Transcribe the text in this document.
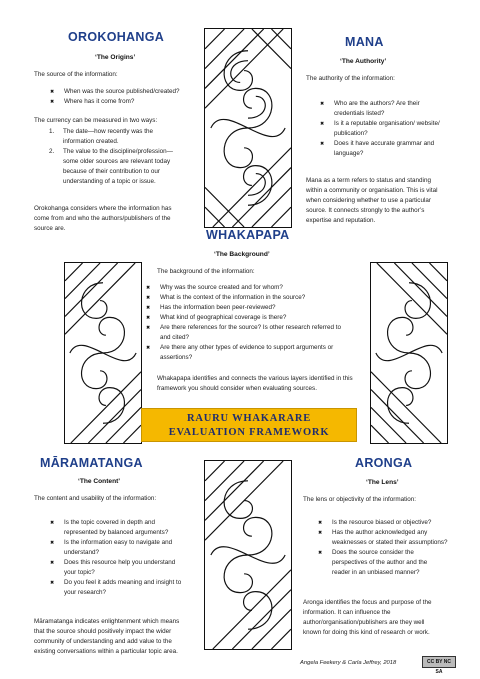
OROKOHANGA
‘The Origins’
The source of the information:
✖ When was the source published/created?
✖ Where has it come from?
The currency can be measured in two ways:
1. The date—how recently was the
information created.
2. The value to the discipline/profession—
some older sources are relevant today
because of their contribution to our
understanding of a topic or issue.
Orokohanga considers where the information has
come from and who the authors/publishers of the
source are.
MANA
‘The Authority’
The authority of the information:
✖ Who are the authors? Are their
credentials listed?
✖ Is it a reputable organisation/ website/
publication?
✖ Does it have accurate grammar and
language?
Mana as a term refers to status and standing
within a community or organisation. This is vital
when considering whether to use a particular
source. It connects strongly to the author’s
expertise and reputation.
WHAKAPAPA
‘The Background’
The background of the information:
✖ Why was the source created and for whom?
✖ What is the context of the information in the source?
✖ Has the information been peer-reviewed?
✖ What kind of geographical coverage is there?
✖ Are there references for the source? Is other research referred to
and cited?
✖ Are there any other types of evidence to support arguments or
assertions?
Whakapapa identifies and connects the various layers identified in this
framework you should consider when evaluating sources.
RAURU WHAKARARE
EVALUATION FRAMEWORK
MĀRAMATANGA
‘The Content’
The content and usability of the information:
✖ Is the topic covered in depth and
represented by balanced arguments?
✖ Is the information easy to navigate and
understand?
✖ Does this resource help you understand
your topic?
✖ Do you feel it adds meaning and insight to
your research?
Māramatanga indicates enlightenment which means
that the source should positively impact the wider
community of understanding and add value to the
existing conversations within a particular topic area.
ARONGA
‘The Lens’
The lens or objectivity of the information:
✖ Is the resource biased or objective?
✖ Has the author acknowledged any
weaknesses or stated their assumptions?
✖ Does the source consider the
perspectives of the author and the
reader in an unbiased manner?
Aronga identifies the focus and purpose of the
information. It can influence the
author/organisation/publishers are they well
known for doing this kind of research or work.
Angela Feekery & Carla Jeffrey, 2018	CC BY NC SA
